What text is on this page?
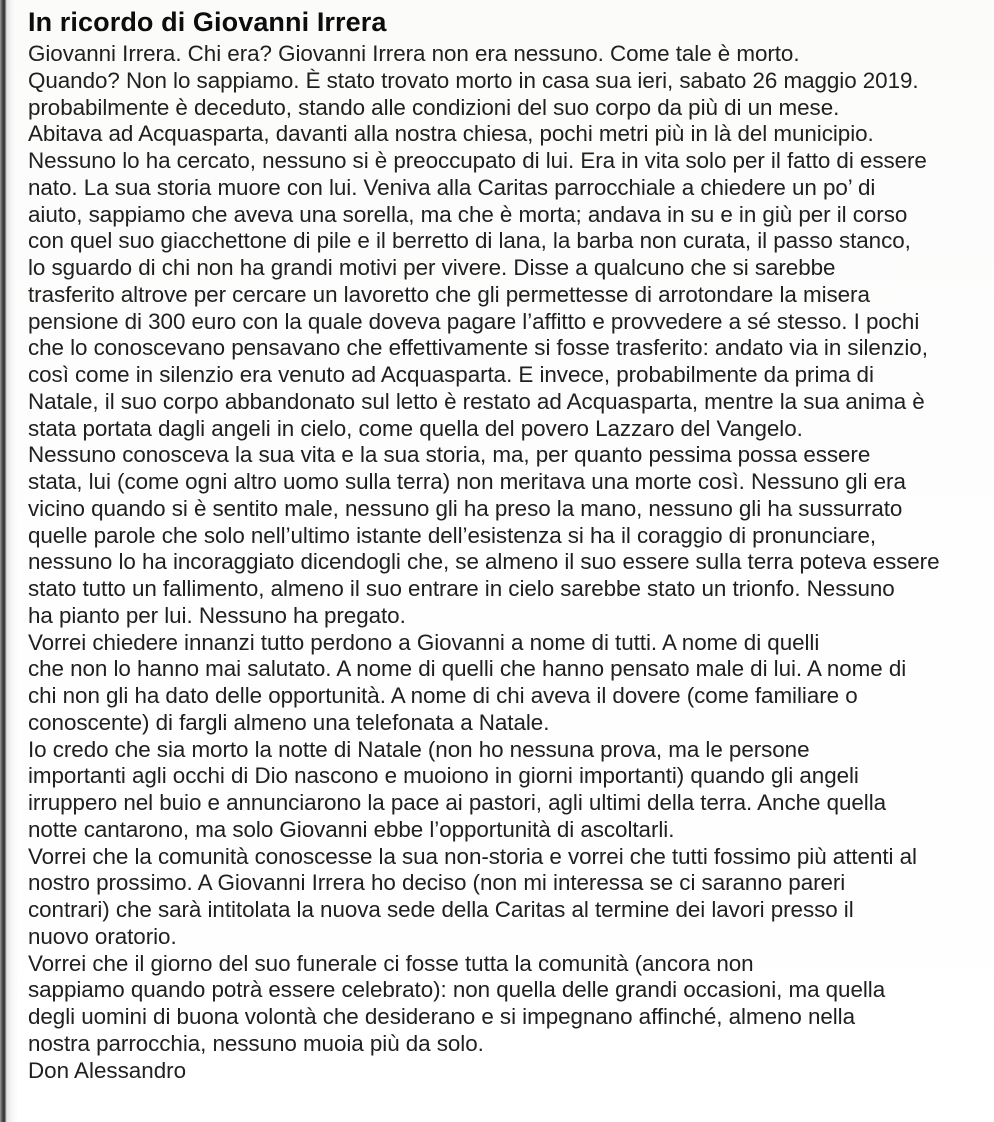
In ricordo di Giovanni Irrera
Giovanni Irrera. Chi era? Giovanni Irrera non era nessuno. Come tale è morto.
Quando? Non lo sappiamo. È stato trovato morto in casa sua ieri, sabato 26 maggio 2019.
probabilmente è deceduto, stando alle condizioni del suo corpo da più di un mese.
Abitava ad Acquasparta, davanti alla nostra chiesa, pochi metri più in là del municipio.
Nessuno lo ha cercato, nessuno si è preoccupato di lui. Era in vita solo per il fatto di essere
nato. La sua storia muore con lui. Veniva alla Caritas parrocchiale a chiedere un po’ di
aiuto, sappiamo che aveva una sorella, ma che è morta; andava in su e in giù per il corso
con quel suo giacchettone di pile e il berretto di lana, la barba non curata, il passo stanco,
lo sguardo di chi non ha grandi motivi per vivere. Disse a qualcuno che si sarebbe
trasferito altrove per cercare un lavoretto che gli permettesse di arrotondare la misera
pensione di 300 euro con la quale doveva pagare l’affitto e provvedere a sé stesso. I pochi
che lo conoscevano pensavano che effettivamente si fosse trasferito: andato via in silenzio,
così come in silenzio era venuto ad Acquasparta. E invece, probabilmente da prima di
Natale, il suo corpo abbandonato sul letto è restato ad Acquasparta, mentre la sua anima è
stata portata dagli angeli in cielo, come quella del povero Lazzaro del Vangelo.
Nessuno conosceva la sua vita e la sua storia, ma, per quanto pessima possa essere
stata, lui (come ogni altro uomo sulla terra) non meritava una morte così. Nessuno gli era
vicino quando si è sentito male, nessuno gli ha preso la mano, nessuno gli ha sussurrato
quelle parole che solo nell’ultimo istante dell’esistenza si ha il coraggio di pronunciare,
nessuno lo ha incoraggiato dicendogli che, se almeno il suo essere sulla terra poteva essere
stato tutto un fallimento, almeno il suo entrare in cielo sarebbe stato un trionfo. Nessuno
ha pianto per lui. Nessuno ha pregato.
Vorrei chiedere innanzi tutto perdono a Giovanni a nome di tutti. A nome di quelli
che non lo hanno mai salutato. A nome di quelli che hanno pensato male di lui. A nome di
chi non gli ha dato delle opportunità. A nome di chi aveva il dovere (come familiare o
conoscente) di fargli almeno una telefonata a Natale.
Io credo che sia morto la notte di Natale (non ho nessuna prova, ma le persone
importanti agli occhi di Dio nascono e muoiono in giorni importanti) quando gli angeli
irruppero nel buio e annunciarono la pace ai pastori, agli ultimi della terra. Anche quella
notte cantarono, ma solo Giovanni ebbe l’opportunità di ascoltarli.
Vorrei che la comunità conoscesse la sua non-storia e vorrei che tutti fossimo più attenti al
nostro prossimo. A Giovanni Irrera ho deciso (non mi interessa se ci saranno pareri
contrari) che sarà intitolata la nuova sede della Caritas al termine dei lavori presso il
nuovo oratorio.
Vorrei che il giorno del suo funerale ci fosse tutta la comunità (ancora non
sappiamo quando potrà essere celebrato): non quella delle grandi occasioni, ma quella
degli uomini di buona volontà che desiderano e si impegnano affinché, almeno nella
nostra parrocchia, nessuno muoia più da solo.
Don Alessandro
